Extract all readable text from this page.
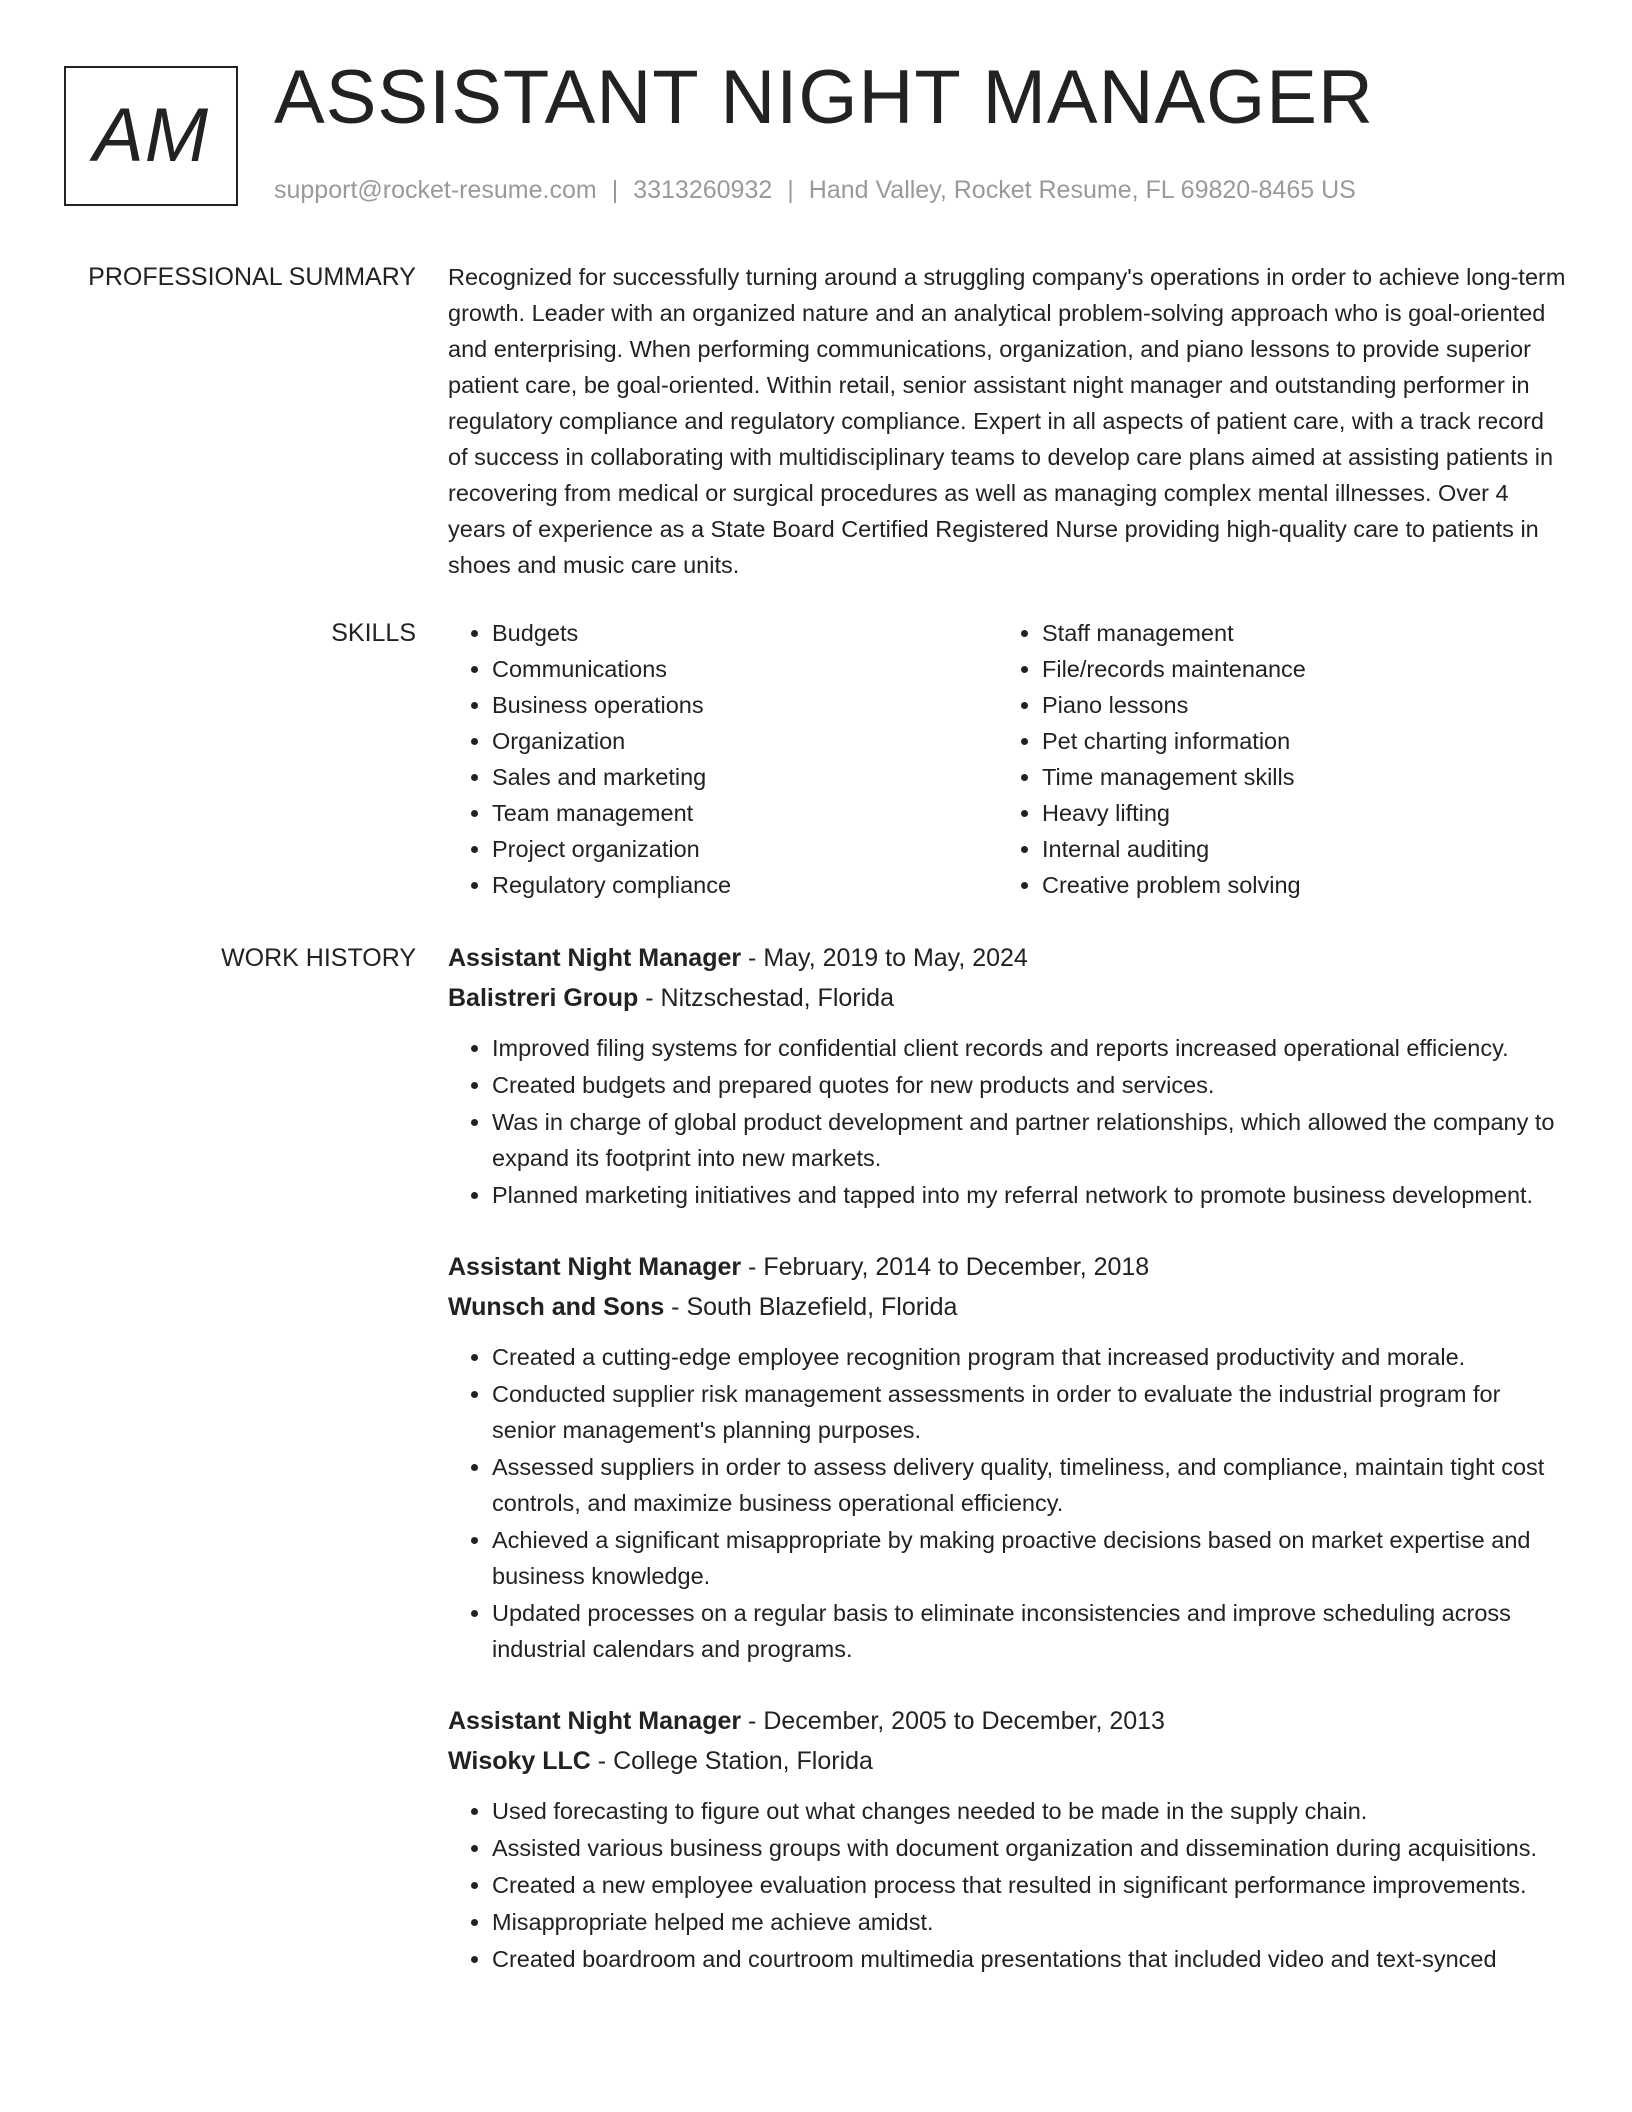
AM ASSISTANT NIGHT MANAGER
support@rocket-resume.com | 3313260932 | Hand Valley, Rocket Resume, FL 69820-8465 US
PROFESSIONAL SUMMARY Recognized for successfully turning around a struggling company's operations in order to achieve long-term growth. Leader with an organized nature and an analytical problem-solving approach who is goal-oriented and enterprising. When performing communications, organization, and piano lessons to provide superior patient care, be goal-oriented. Within retail, senior assistant night manager and outstanding performer in regulatory compliance and regulatory compliance. Expert in all aspects of patient care, with a track record of success in collaborating with multidisciplinary teams to develop care plans aimed at assisting patients in recovering from medical or surgical procedures as well as managing complex mental illnesses. Over 4 years of experience as a State Board Certified Registered Nurse providing high-quality care to patients in shoes and music care units.

SKILLS
•	Budgets
• Communications
• Business operations
• Organization
• Sales and marketing
• Team management
• Project organization
• Regulatory compliance
• Staff management
• File/records maintenance
• Piano lessons
• Pet charting information
• Time management skills
• Heavy lifting
• Internal auditing
• Creative problem solving
WORK HISTORY Assistant Night Manager - May, 2019 to May, 2024
Balistreri Group - Nitzschestad, Florida
• Improved filing systems for confidential client records and reports increased operational efficiency.
• Created budgets and prepared quotes for new products and services.
• Was in charge of global product development and partner relationships, which allowed the company to expand its footprint into new markets.
• Planned marketing initiatives and tapped into my referral network to promote business development.
Assistant Night Manager - February, 2014 to December, 2018
Wunsch and Sons - South Blazefield, Florida
• Created a cutting-edge employee recognition program that increased productivity and morale.
• Conducted supplier risk management assessments in order to evaluate the industrial program for senior management's planning purposes.
• Assessed suppliers in order to assess delivery quality, timeliness, and compliance, maintain tight cost controls, and maximize business operational efficiency.
• Achieved a significant misappropriate by making proactive decisions based on market expertise and business knowledge.
• Updated processes on a regular basis to eliminate inconsistencies and improve scheduling across industrial calendars and programs.
Assistant Night Manager - December, 2005 to December, 2013
Wisoky LLC - College Station, Florida
• Used forecasting to figure out what changes needed to be made in the supply chain.
• Assisted various business groups with document organization and dissemination during acquisitions.
• Created a new employee evaluation process that resulted in significant performance improvements.
• Misappropriate helped me achieve amidst.
• Created boardroom and courtroom multimedia presentations that included video and text-synced
